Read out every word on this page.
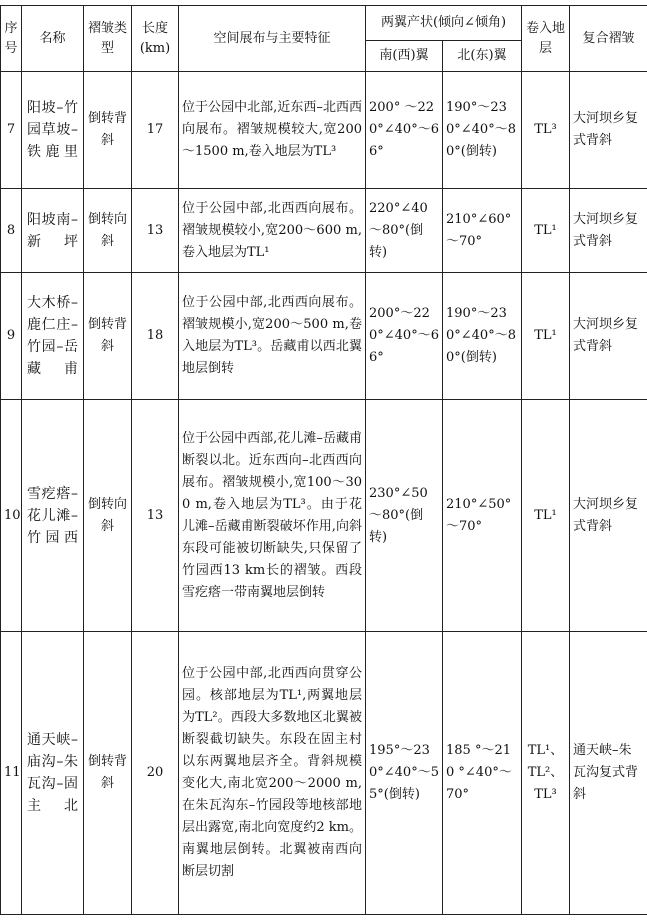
序号	名称	褶皱类型	长度(km)	空间展布与主要特征	两翼产状(倾向∠倾角)		卷入地层	复合褶皱
					南(西)翼	北(东)翼		
7	阳坡–竹园草坡–铁鹿里	倒转背斜	17	位于公园中北部,近东西–北西西向展布。褶皱规模较大,宽200～1500 m,卷入地层为TL³	200° ～220°∠40°～66°	190°～230°∠40°～80°(倒转)	TL³	大河坝乡复式背斜
8	阳坡南–新坪	倒转向斜	13	位于公园中部,北西西向展布。褶皱规模较小,宽200～600 m,卷入地层为TL¹	220°∠40～80°(倒转)	210°∠60°～70°	TL¹	大河坝乡复式背斜
9	大木桥–鹿仁庄–竹园–岳藏甫	倒转背斜	18	位于公园中部,北西西向展布。褶皱规模小,宽200～500 m,卷入地层为TL³。岳藏甫以西北翼地层倒转	200°～220°∠40°～66°	190°～230°∠40°～80°(倒转)	TL¹	大河坝乡复式背斜
10	雪疙瘩–花儿滩–竹园西	倒转向斜	13	位于公园中西部,花儿滩–岳藏甫断裂以北。近东西向–北西西向展布。褶皱规模小,宽100～300 m,卷入地层为TL³。由于花儿滩–岳藏甫断裂破坏作用,向斜东段可能被切断缺失,只保留了竹园西13 km长的褶皱。西段雪疙瘩一带南翼地层倒转	230°∠50～80°(倒转)	210°∠50°～70°	TL¹	大河坝乡复式背斜
11	通天峡–庙沟–朱瓦沟–固主北	倒转背斜	20	位于公园中部,北西西向贯穿公园。核部地层为TL¹,两翼地层为TL²。西段大多数地区北翼被断裂截切缺失。东段在固主村以东两翼地层齐全。背斜规模变化大,南北宽200～2000 m,在朱瓦沟东–竹园段等地核部地层出露宽,南北向宽度约2 km。南翼地层倒转。北翼被南西向断层切割	195°～230°∠40°～55°(倒转)	185 °～210 °∠40°～70°	TL¹、TL²、TL³	通天峡–朱瓦沟复式背斜
